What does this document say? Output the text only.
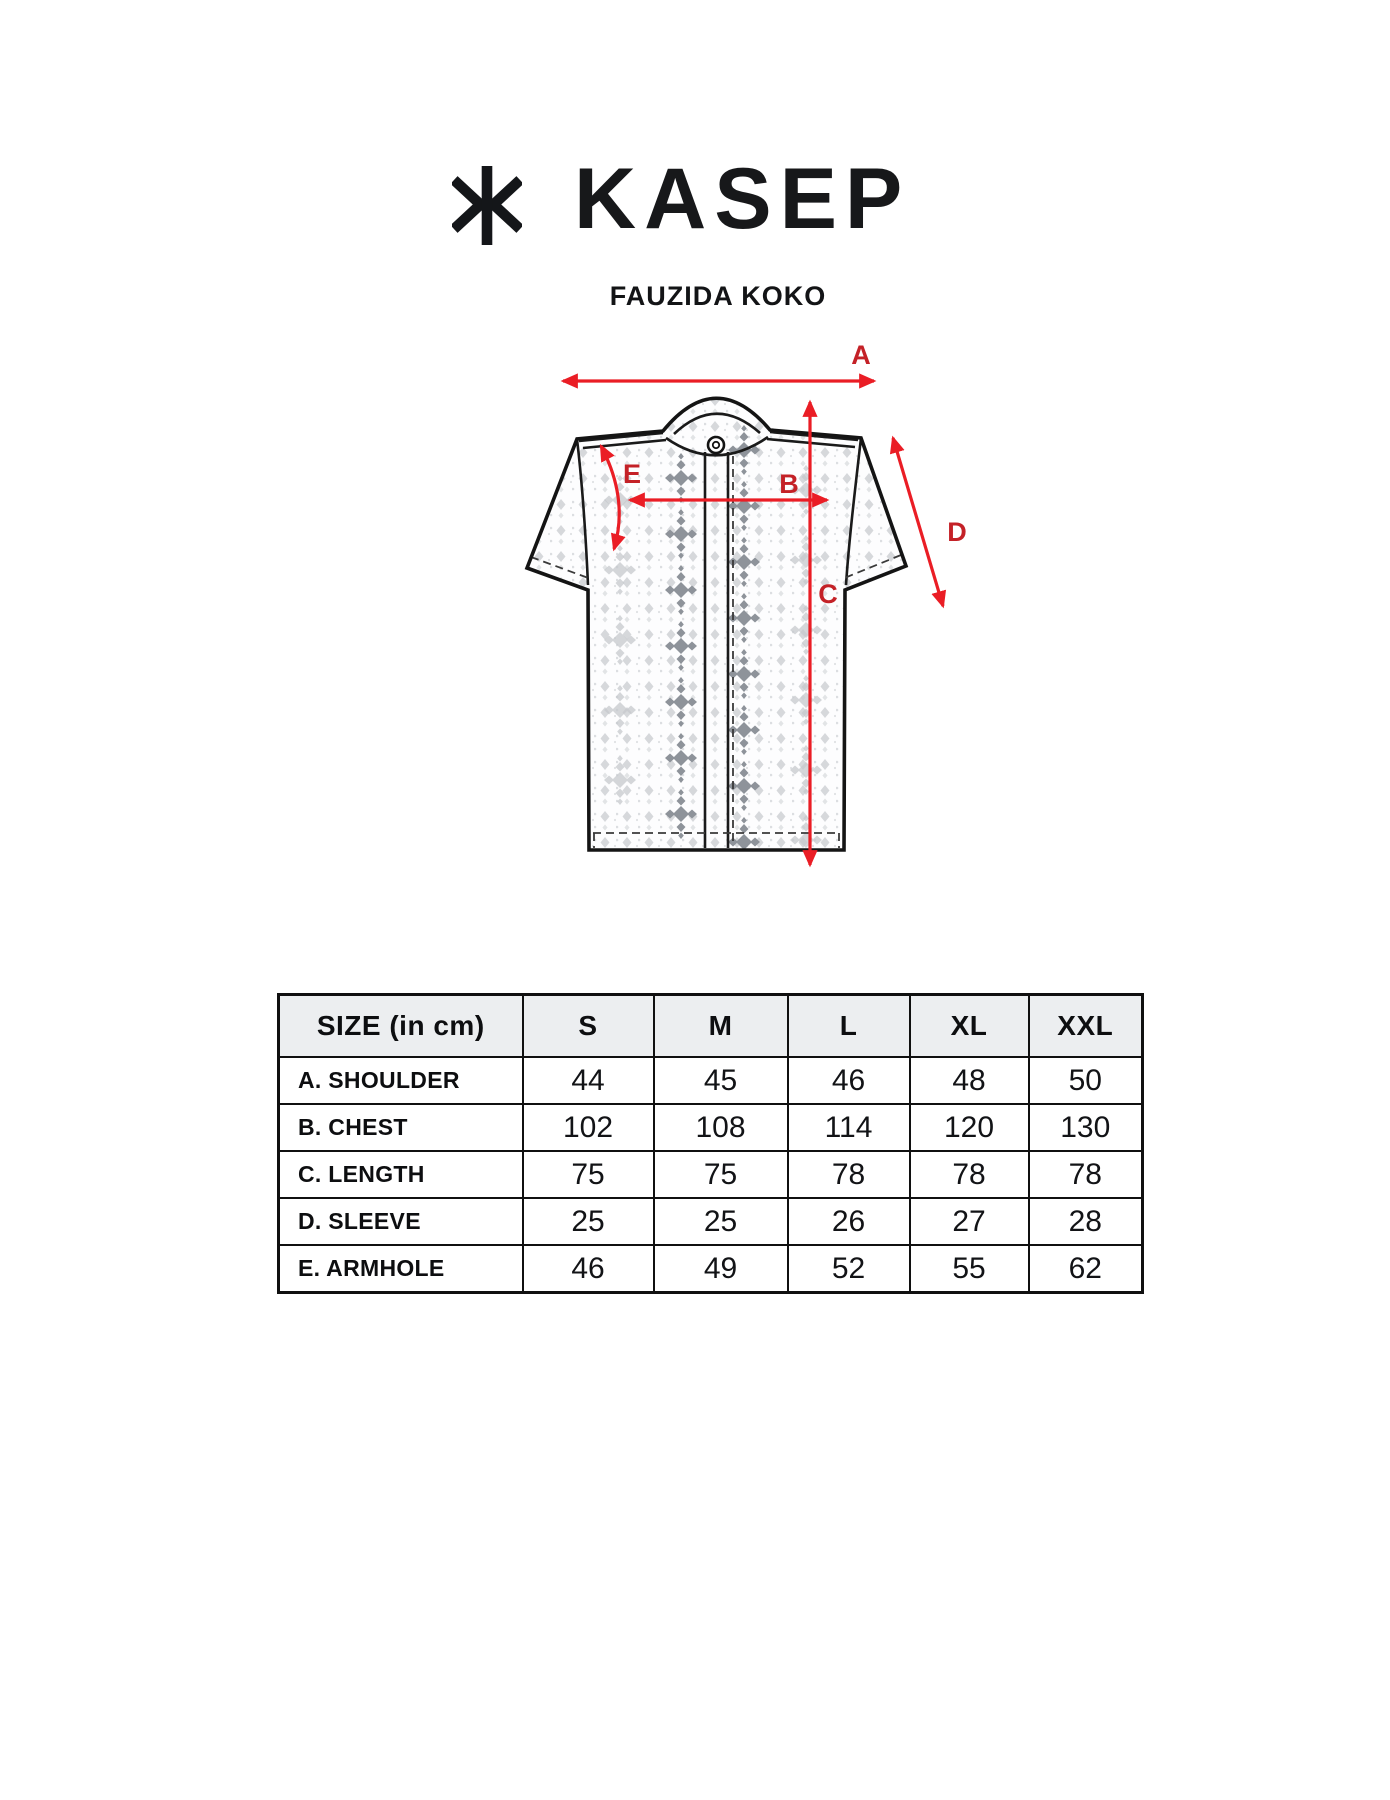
KASEP
FAUZIDA KOKO
A
B
C
D
E
SIZE (in cm)	S	M	L	XL	XXL
A. SHOULDER	44	45	46	48	50
B. CHEST	102	108	114	120	130
C. LENGTH	75	75	78	78	78
D. SLEEVE	25	25	26	27	28
E. ARMHOLE	46	49	52	55	62
